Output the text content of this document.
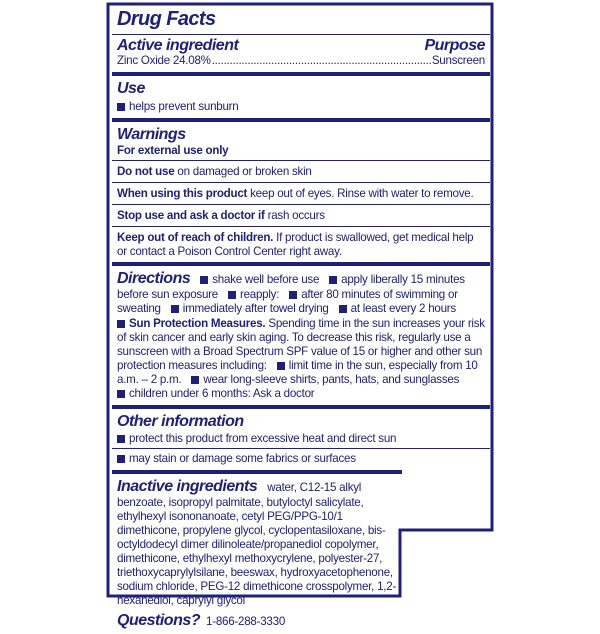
Drug Facts
Active ingredient	Purpose
Zinc Oxide 24.08%
.....	Sunscreen
Use
helps prevent sunburn
Warnings
For external use only
Do not use on damaged or broken skin
When using this product keep out of eyes. Rinse with water to remove.
Stop use and ask a doctor if rash occurs
Keep out of reach of children. If product is swallowed, get medical help or contact a Poison Control Center right away.

Directions shake well before use apply liberally 15 minutes before sun exposure reapply: after 80 minutes of swimming or sweating immediately after towel drying at least every 2 hours

Sun Protection Measures. Spending time in the sun increases your risk of skin cancer and early skin aging. To decrease this risk, regularly use a sunscreen with a Broad Spectrum SPF value of 15 or higher and other sun protection measures including: limit time in the sun, especially from 10 a.m. – 2 p.m. wear long-sleeve shirts, pants, hats, and sunglasses

children under 6 months: Ask a doctor

Other information
protect this product from excessive heat and direct sun
may stain or damage some fabrics or surfaces

Inactive ingredients water, C12-15 alkyl benzoate, isopropyl palmitate, butyloctyl salicylate, ethylhexyl isononanoate, cetyl PEG/PPG-10/1 dimethicone, propylene glycol, cyclopentasiloxane, bis-octyldodecyl dimer dilinoleate/propanediol copolymer, dimethicone, ethylhexyl methoxycrylene, polyester-27, triethoxycaprylylsilane, beeswax, hydroxyacetophenone, sodium chloride, PEG-12 dimethicone crosspolymer, 1,2-hexanediol, caprylyl glycol

Questions? 1-866-288-3330
